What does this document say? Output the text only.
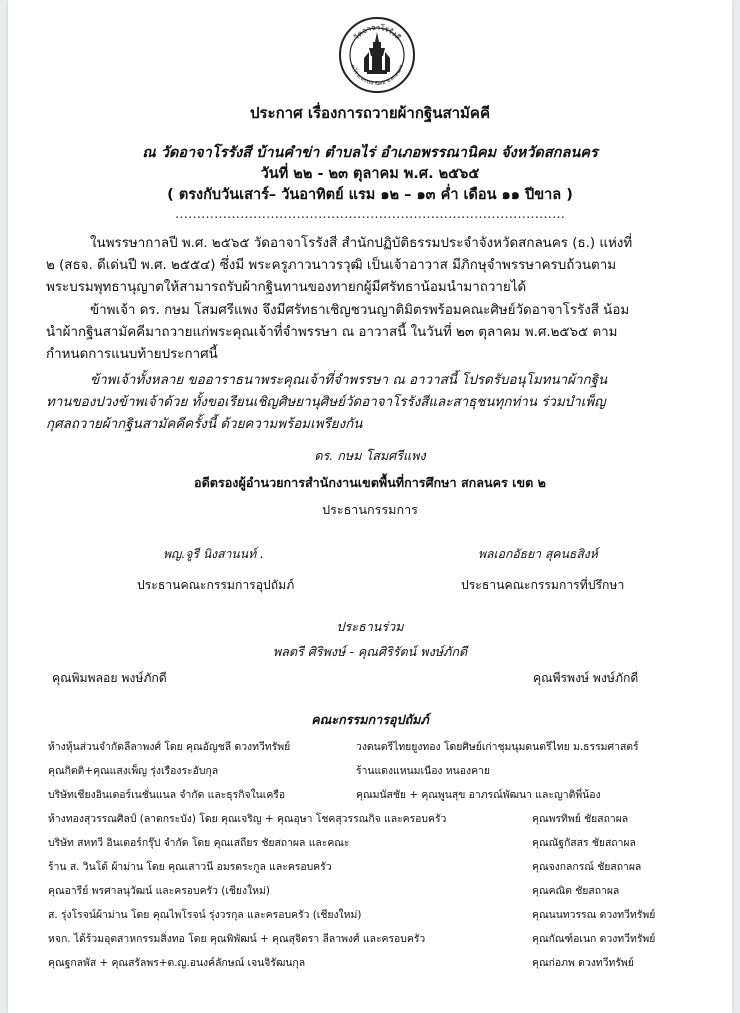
วัดอาจาโรรังสี
ต.ไร่ อ.พรรณานิคม จ.สกลนคร
ประกาศ เรื่องการถวายผ้ากฐินสามัคคี
ณ วัดอาจาโรรังสี บ้านคำข่า ตำบลไร่ อำเภอพรรณานิคม จังหวัดสกลนคร
วันที่ ๒๒ - ๒๓ ตุลาคม พ.ศ. ๒๕๖๕
( ตรงกับวันเสาร์– วันอาทิตย์ แรม ๑๒ – ๑๓ ค่ำ เดือน ๑๑ ปีขาล )
………………………………………………………………………………

ในพรรษากาลปี พ.ศ. ๒๕๖๕ วัดอาจาโรรังสี สำนักปฏิบัติธรรมประจำจังหวัดสกลนคร (ธ.) แห่งที่

๒ (สธจ. ดีเด่นปี พ.ศ. ๒๕๕๔) ซึ่งมี พระครูภาวนาวรวุฒิ เป็นเจ้าอาวาส มีภิกษุจำพรรษาครบถ้วนตาม

พระบรมพุทธานุญาตให้สามารถรับผ้ากฐินทานของทายกผู้มีศรัทธาน้อมนำมาถวายได้

ข้าพเจ้า ดร. กษม โสมศรีแพง จึงมีศรัทธาเชิญชวนญาติมิตรพร้อมคณะศิษย์วัดอาจาโรรังสี น้อม

นำผ้ากฐินสามัคคีมาถวายแก่พระคุณเจ้าที่จำพรรษา ณ อาวาสนี้ ในวันที่ ๒๓ ตุลาคม พ.ศ.๒๕๖๕ ตาม

กำหนดการแนบท้ายประกาศนี้

ข้าพเจ้าทั้งหลาย ขออาราธนาพระคุณเจ้าที่จำพรรษา ณ อาวาสนี้ โปรดรับอนุโมทนาผ้ากฐิน

ทานของปวงข้าพเจ้าด้วย ทั้งขอเรียนเชิญศิษยานุศิษย์วัดอาจาโรรังสีและสาธุชนทุกท่าน ร่วมบำเพ็ญ

กุศลถวายผ้ากฐินสามัคคีครั้งนี้ ด้วยความพร้อมเพรียงกัน

ดร. กษม โสมศรีแพง
อดีตรองผู้อำนวยการสำนักงานเขตพื้นที่การศึกษา สกลนคร เขต ๒
ประธานกรรมการ
พญ.จูรี นิงสานนท์ .
ประธานคณะกรรมการอุปถัมภ์
พลเอกอัธยา สุคนธสิงห์
ประธานคณะกรรมการที่ปรึกษา
ประธานร่วม
พลตรี ศิริพงษ์ - คุณศิริรัตน์ พงษ์ภักดี
คุณพิมพลอย พงษ์ภักดี	คุณพีรพงษ์ พงษ์ภักดี
คณะกรรมการอุปถัมภ์
ห้างหุ้นส่วนจำกัดลีลาพงศ์ โดย คุณอัญชลี ดวงทวีทรัพย์	วงดนตรีไทยยูงทอง โดยศิษย์เก่าชุมนุมดนตรีไทย ม.ธรรมศาสตร์
คุณกิตติ+คุณแสงเพ็ญ รุ่งเรืองระอับกุล	ร้านแดงแหนมเนือง หนองคาย
บริษัทเชียงอินเตอร์เนชั่นแนล จำกัด และธุรกิจในเครือ	คุณมนัสชัย + คุณพูนสุข อาภรณ์พัฒนา และญาติพี่น้อง
ห้างทองสุวรรณศิลป์ (ลาดกระบัง) โดย คุณเจริญ + คุณอุษา โชคสุวรรณกิจ และครอบครัว	คุณพรทิพย์ ชัยสถาผล
บริษัท สหทวี อินเตอร์กรุ๊ป จำกัด โดย คุณเสถียร ชัยสถาผล และคณะ	คุณณัฐกัสสร ชัยสถาผล
ร้าน ส. วินโด้ ผ้าม่าน โดย คุณเสาวนี อมรตระกูล และครอบครัว	คุณจงกลกรณ์ ชัยสถาผล
คุณอารีย์ พรศาลนุวัฒน์ และครอบครัว (เชียงใหม่)	คุณคณิต ชัยสถาผล
ส. รุ่งโรจน์ผ้าม่าน โดย คุณไพโรจน์ รุ่งวรกุล และครอบครัว (เชียงใหม่)	คุณนนทวรรณ ดวงทวีทรัพย์
หจก. ได้ร้วมอุตสาหกรรมสิ่งทอ โดย คุณพิพัฒน์ + คุณสุจิตรา ลีลาพงศ์ และครอบครัว	คุณกัณฑ์อเนก ดวงทวีทรัพย์
คุณฐกลพัส + คุณสรัลพร+ด.ญ.อนงค์ลักษณ์ เจนจิรัฒนกุล	คุณก่อภพ ดวงทวีทรัพย์
